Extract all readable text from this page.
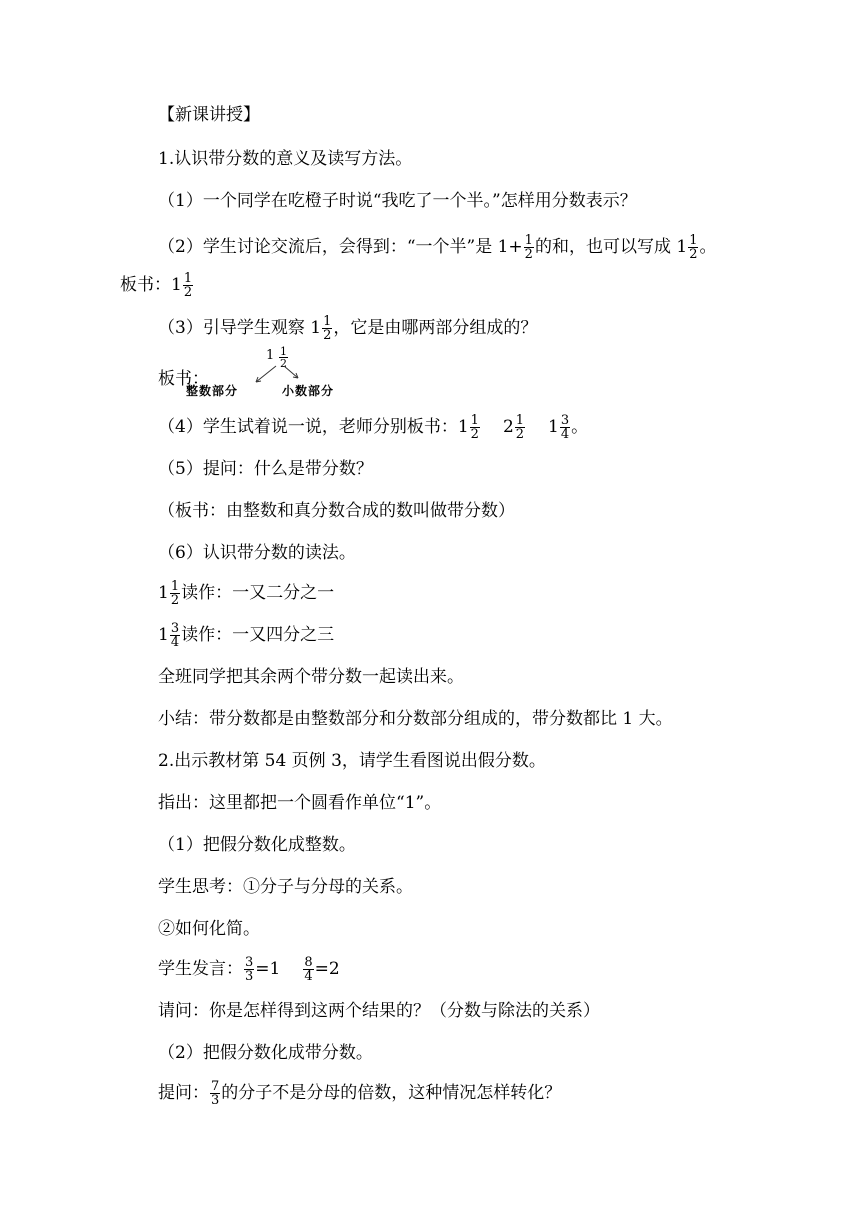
【新课讲授】
1.认识带分数的意义及读写方法。
（1）一个同学在吃橙子时说“我吃了一个半。”怎样用分数表示？
（2）学生讨论交流后，会得到：“一个半”是 $1+ \frac{1}{2}$ 的和，也可以写成 $1 \frac{1}{2}$ 。
板书：$1 \frac{1}{2}$
（3）引导学生观察 $1 \frac{1}{2}$ ，它是由哪两部分组成的？
板书：
$1 \frac{1}{2}$
整数部分	小数部分
（4）学生试着说一说，老师分别板书：$1 \frac{1}{2} 2 \frac{1}{2} 1 \frac{3}{4}$ 。
（5）提问：什么是带分数？
（板书：由整数和真分数合成的数叫做带分数）
（6）认识带分数的读法。
$1 \frac{1}{2}$ 读作：一又二分之一
$1 \frac{3}{4}$ 读作：一又四分之三
全班同学把其余两个带分数一起读出来。
小结：带分数都是由整数部分和分数部分组成的，带分数都比 1 大。
2.出示教材第 54 页例 3，请学生看图说出假分数。
指出：这里都把一个圆看作单位“1”。
（1）把假分数化成整数。
学生思考：①分子与分母的关系。
②如何化简。
学生发言： $\frac{3}{3} =1 \frac{8}{4} =2$
请问：你是怎样得到这两个结果的？（分数与除法的关系）
（2）把假分数化成带分数。
提问： $\frac{7}{3}$ 的分子不是分母的倍数，这种情况怎样转化？
